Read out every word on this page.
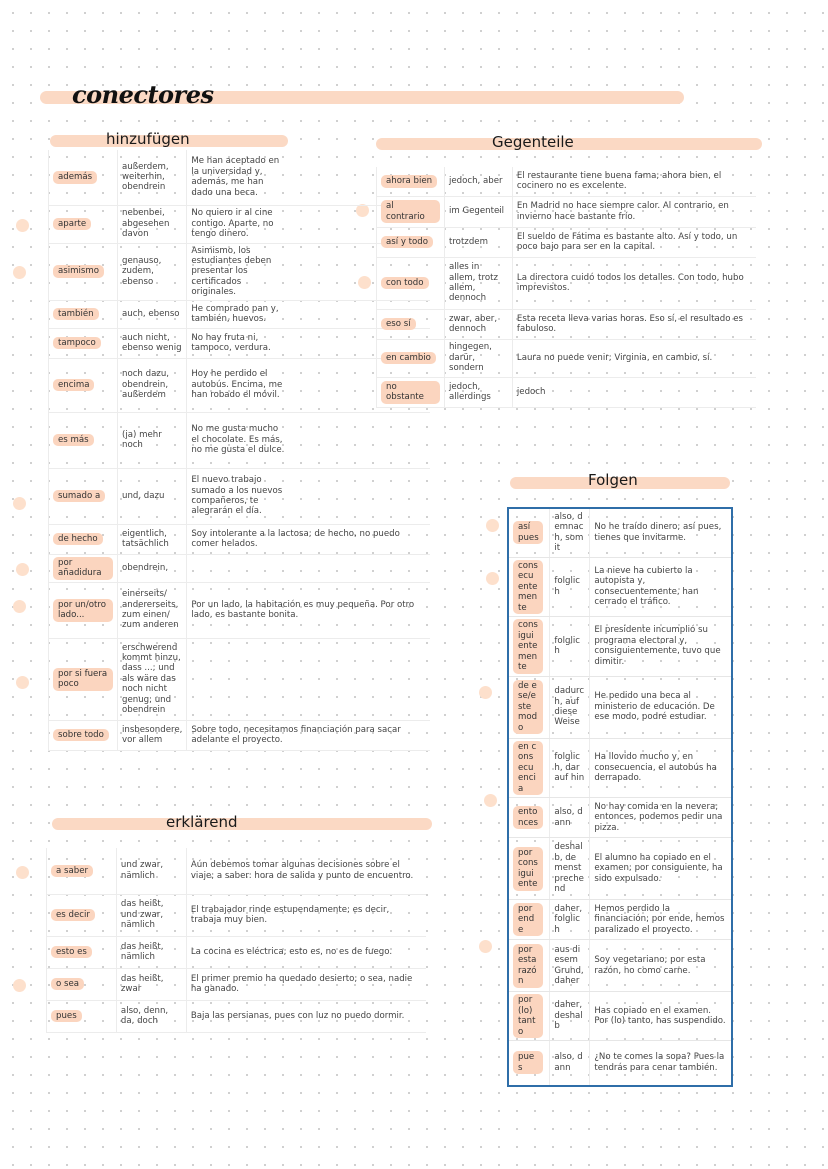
conectores
hinzufügen
además	außerdem, weiterhin, obendrein	Me han aceptado en la universidad y, además, me han dado una beca.

aparte	nebenbei, abgesehen davon	No quiero ir al cine contigo. Aparte, no tengo dinero.

asimismo	genauso, zudem, ebenso	Asimismo, los estudiantes deben presentar los certificados originales.

también	auch, ebenso	He comprado pan y, también, huevos.

tampoco	auch nicht, ebenso wenig	No hay fruta ni, tampoco, verdura.

encima	noch dazu, obendrein, außerdem	Hoy he perdido el autobús. Encima, me han robado el móvil.

es más	(ja) mehr noch	No me gusta mucho el chocolate. Es más, no me gusta el dulce.

sumado a	und, dazu	El nuevo trabajo sumado a los nuevos compañeros, te alegrarán el día.

de hecho	eigentlich, tatsächlich	Soy intolerante a la lactosa; de hecho, no puedo comer helados.

por añadidura	obendrein,	
por un/otro lado...	einerseits/ andererseits, zum einen/ zum anderen	Por un lado, la habitación es muy pequeña. Por otro lado, es bastante bonita.

por si fuera poco	erschwerend kommt hinzu, dass ...; und als wäre das noch nicht genug; und obendrein	
sobre todo	insbesondere, vor allem	Sobre todo, necesitamos financiación para sacar adelante el proyecto.
Gegenteile
ahora bien	jedoch, aber	El restaurante tiene buena fama; ahora bien, el cocinero no es excelente.
al contrario	im Gegenteil	En Madrid no hace siempre calor. Al contrario, en invierno hace bastante frío.
así y todo	trotzdem	El sueldo de Fátima es bastante alto. Así y todo, un poco bajo para ser en la capital.
con todo	alles in allem, trotz allem, dennoch	La directora cuidó todos los detalles. Con todo, hubo imprevistos.
eso sí	zwar, aber, dennoch	Esta receta lleva varias horas. Eso sí, el resultado es fabuloso.
en cambio	hingegen, darür, sondern	Laura no puede venir; Virginia, en cambio, sí.
no obstante	jedoch, allerdings	jedoch
Folgen
así pues	also, demnach, somit	No he traído dinero; así pues, tienes que invitarme.
consecuentemente	folglich	La nieve ha cubierto la autopista y, consecuentemente, han cerrado el tráfico.
consiguientemente	folglich	El presidente incumplió su programa electoral y, consiguientemente, tuvo que dimitir.
de ese/este modo	dadurch, auf diese Weise	He pedido una beca al ministerio de educación. De ese modo, podré estudiar.
en consecuencia	folglich, darauf hin	Ha llovido mucho y, en consecuencia, el autobús ha derrapado.
entonces	also, dann	No hay comida en la nevera; entonces, podemos pedir una pizza.
por consiguiente	deshalb, demenstprechend	El alumno ha copiado en el examen; por consiguiente, ha sido expulsado.
por ende	daher, folglich	Hemos perdido la financiación; por ende, hemos paralizado el proyecto.
por esta razón	aus diesem Grund, daher	Soy vegetariano; por esta razón, no como carne.
por (lo) tanto	daher, deshalb	Has copiado en el examen. Por (lo) tanto, has suspendido.
pues	also, dann	¿No te comes la sopa? Pues la tendrás para cenar también.
erklärend
a saber	und zwar, nämlich	Aún debemos tomar algunas decisiones sobre el viaje; a saber: hora de salida y punto de encuentro.
es decir	das heißt, und zwar, nämlich	El trabajador rinde estupendamente; es decir, trabaja muy bien.
esto es	das heißt, nämlich	La cocina es eléctrica; esto es, no es de fuego.
o sea	das heißt, zwar	El primer premio ha quedado desierto; o sea, nadie ha ganado.
pues	also, denn, da, doch	Baja las persianas, pues con luz no puedo dormir.
